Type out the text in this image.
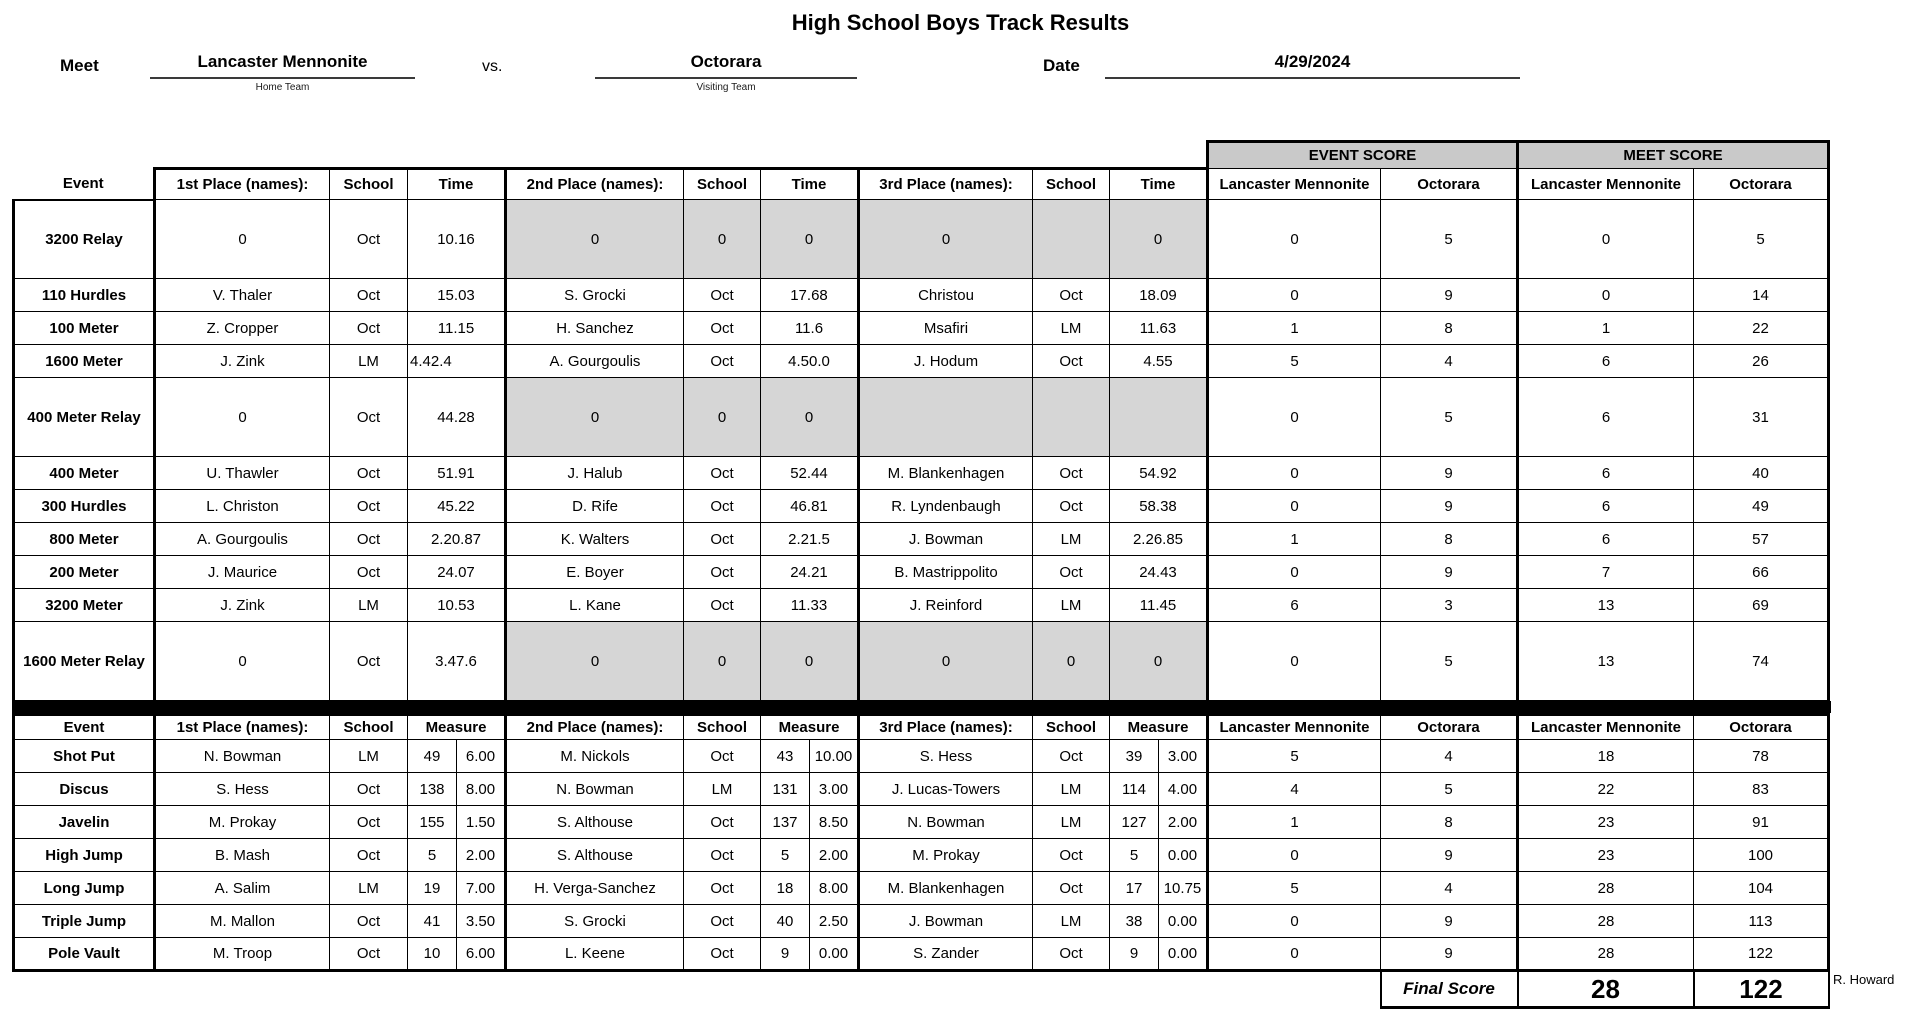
High School Boys Track Results
Meet	Lancaster Mennonite
Home Team
vs.	Octorara
Visiting Team
Date	4/29/2024
										EVENT SCORE		MEET SCORE	
Event	1st Place (names):	School	Time	2nd Place (names):	School	Time	3rd Place (names):	School	Time	Lancaster Mennonite	Octorara	Lancaster Mennonite	Octorara
3200 Relay	0	Oct	10.16	0	0	0	0		0	0	5	0	5
110 Hurdles	V. Thaler	Oct	15.03	S. Grocki	Oct	17.68	Christou	Oct	18.09	0	9	0	14
100 Meter	Z. Cropper	Oct	11.15	H. Sanchez	Oct	11.6	Msafiri	LM	11.63	1	8	1	22
1600 Meter	J. Zink	LM	4.42.4	A. Gourgoulis	Oct	4.50.0	J. Hodum	Oct	4.55	5	4	6	26
400 Meter Relay	0	Oct	44.28	0	0	0				0	5	6	31
400 Meter	U. Thawler	Oct	51.91	J. Halub	Oct	52.44	M. Blankenhagen	Oct	54.92	0	9	6	40
300 Hurdles	L. Christon	Oct	45.22	D. Rife	Oct	46.81	R. Lyndenbaugh	Oct	58.38	0	9	6	49
800 Meter	A. Gourgoulis	Oct	2.20.87	K. Walters	Oct	2.21.5	J. Bowman	LM	2.26.85	1	8	6	57
200 Meter	J. Maurice	Oct	24.07	E. Boyer	Oct	24.21	B. Mastrippolito	Oct	24.43	0	9	7	66
3200 Meter	J. Zink	LM	10.53	L. Kane	Oct	11.33	J. Reinford	LM	11.45	6	3	13	69
1600 Meter Relay	0	Oct	3.47.6	0	0	0	0	0	0	0	5	13	74
Event	1st Place (names):	School	Measure		2nd Place (names):	School	Measure		3rd Place (names):	School	Measure		Lancaster Mennonite	Octorara	Lancaster Mennonite	Octorara
Shot Put	N. Bowman	LM	49	6.00	M. Nickols	Oct	43	10.00	S. Hess	Oct	39	3.00	5	4	18	78
Discus	S. Hess	Oct	138	8.00	N. Bowman	LM	131	3.00	J. Lucas-Towers	LM	114	4.00	4	5	22	83
Javelin	M. Prokay	Oct	155	1.50	S. Althouse	Oct	137	8.50	N. Bowman	LM	127	2.00	1	8	23	91
High Jump	B. Mash	Oct	5	2.00	S. Althouse	Oct	5	2.00	M. Prokay	Oct	5	0.00	0	9	23	100
Long Jump	A. Salim	LM	19	7.00	H. Verga-Sanchez	Oct	18	8.00	M. Blankenhagen	Oct	17	10.75	5	4	28	104
Triple Jump	M. Mallon	Oct	41	3.50	S. Grocki	Oct	40	2.50	J. Bowman	LM	38	0.00	0	9	28	113
Pole Vault	M. Troop	Oct	10	6.00	L. Keene	Oct	9	0.00	S. Zander	Oct	9	0.00	0	9	28	122
														Final Score	28	122	R. Howard
